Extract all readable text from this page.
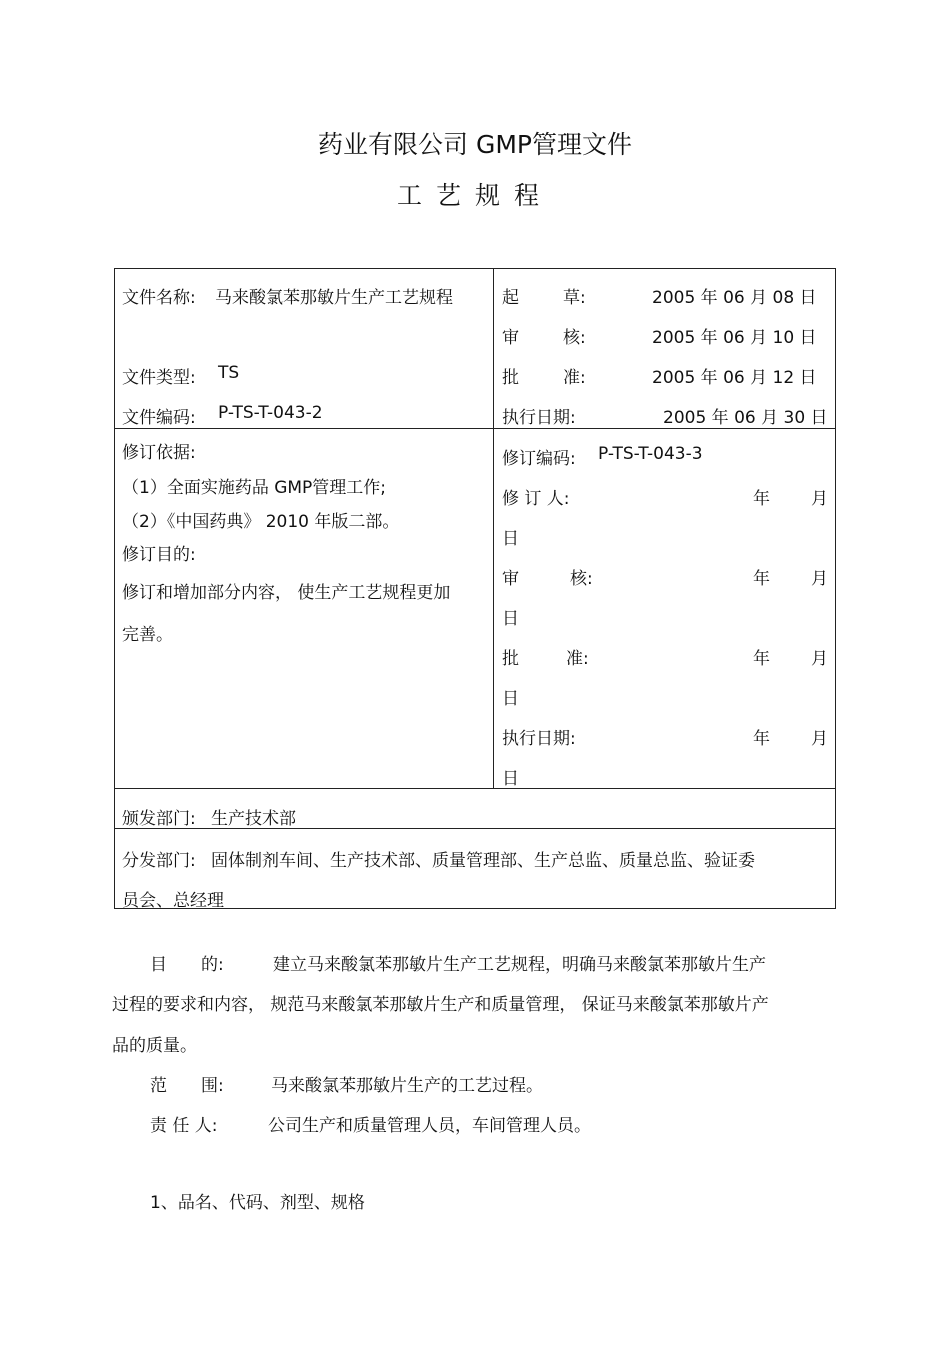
药业有限公司 GMP管理文件
工艺规程
文件名称: 马来酸氯苯那敏片生产工艺规程
文件类型: TS
文件编码: P-TS-T-043-2
起	草:	2005 年 06 月 08 日
审	核:	2005 年 06 月 10 日
批	准:	2005 年 06 月 12 日
执行日期:	2005 年 06 月 30 日
修订依据:
（1）全面实施药品 GMP管理工作;
（2）《中国药典》 2010 年版二部。
修订目的:
修订和增加部分内容， 使生产工艺规程更加
完善。
修订编码: P-TS-T-043-3
修 订 人:	年 月
日
审	核:	年 月
日
批	准:	年 月
日
执行日期:	年 月
日
颁发部门: 生产技术部
分发部门: 固体制剂车间、生产技术部、质量管理部、生产总监、质量总监、验证委
员会、总经理
目　　的:	建立马来酸氯苯那敏片生产工艺规程，明确马来酸氯苯那敏片生产
过程的要求和内容， 规范马来酸氯苯那敏片生产和质量管理， 保证马来酸氯苯那敏片产
品的质量。
范　　围:	马来酸氯苯那敏片生产的工艺过程。
责 任 人:	公司生产和质量管理人员，车间管理人员。
1、品名、代码、剂型、规格
